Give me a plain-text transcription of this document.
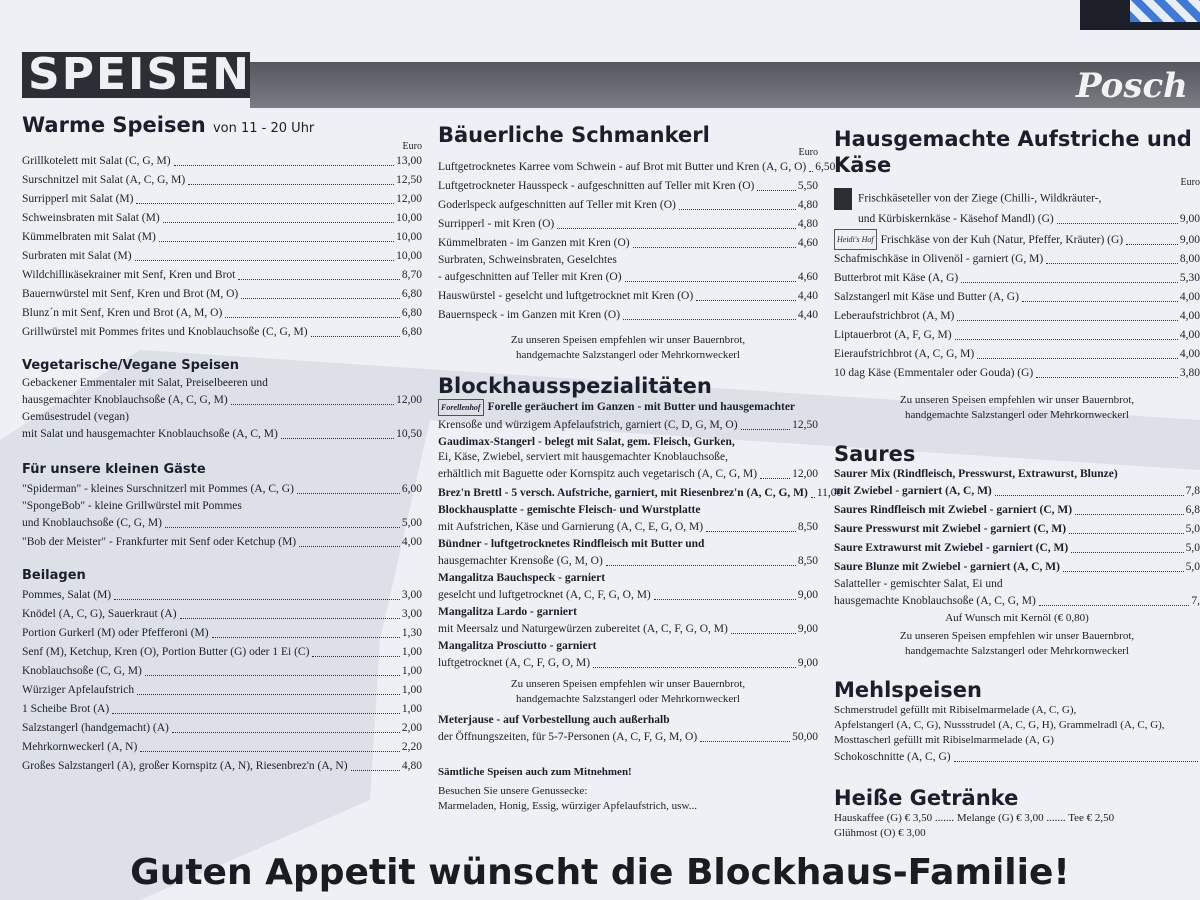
SPEISEN	Posch
Warme Speisen von 11 - 20 Uhr
Euro
Grillkotelett mit Salat (C, G, M)	13,00
Surschnitzel mit Salat (A, C, G, M)	12,50
Surripperl mit Salat (M)	12,00
Schweinsbraten mit Salat (M)	10,00
Kümmelbraten mit Salat (M)	10,00
Surbraten mit Salat (M)	10,00
Wildchilliкäsekrainer mit Senf, Kren und Brot	8,70
Bauernwürstel mit Senf, Kren und Brot (M, O)	6,80
Blunz´n mit Senf, Kren und Brot (A, M, O)	6,80
Grillwürstel mit Pommes frites und Knoblauchsoße (C, G, M)	6,80
Vegetarische/Vegane Speisen
Gebackener Emmentaler mit Salat, Preiselbeeren und
hausgemachter Knoblauchsoße (A, C, G, M)	12,00
Gemüsestrudel (vegan)
mit Salat und hausgemachter Knoblauchsoße (A, C, M)	10,50
Für unsere kleinen Gäste
"Spiderman" - kleines Surschnitzerl mit Pommes (A, C, G)	6,00
"SpongeBob" - kleine Grillwürstel mit Pommes
und Knoblauchsoße (C, G, M)	5,00
"Bob der Meister" - Frankfurter mit Senf oder Ketchup (M)	4,00
Beilagen
Pommes, Salat (M)	3,00
Knödel (A, C, G), Sauerkraut (A)	3,00
Portion Gurkerl (M) oder Pfefferoni (M)	1,30
Senf (M), Ketchup, Kren (O), Portion Butter (G) oder 1 Ei (C)	1,00
Knoblauchsoße (C, G, M)	1,00
Würziger Apfelaufstrich	1,00
1 Scheibe Brot (A)	1,00
Salzstangerl (handgemacht) (A)	2,00
Mehrkornweckerl (A, N)	2,20
Großes Salzstangerl (A), großer Kornspitz (A, N), Riesenbrez'n (A, N)	4,80
Bäuerliche Schmankerl
Euro
Luftgetrocknetes Karree vom Schwein - auf Brot mit Butter und Kren (A, G, O) 6,50
Luftgetrockneter Hausspeck - aufgeschnitten auf Teller mit Kren (O)	5,50
Goderlspeck aufgeschnitten auf Teller mit Kren (O)	4,80
Surripperl - mit Kren (O)	4,80
Kümmelbraten - im Ganzen mit Kren (O)	4,60
Surbraten, Schweinsbraten, Geselchtes
- aufgeschnitten auf Teller mit Kren (O)	4,60
Hauswürstel - geselcht und luftgetrocknet mit Kren (O)	4,40
Bauernspeck - im Ganzen mit Kren (O)	4,40
Zu unseren Speisen empfehlen wir unser Bauernbrot,
handgemachte Salzstangerl oder Mehrkornweckerl
Blockhausspezialitäten
Forellenhof Forelle geräuchert im Ganzen - mit Butter und hausgemachter
Krensoße und würzigem Apfelaufstrich, garniert (C, D, G, M, O)	12,50
Gaudimax-Stangerl - belegt mit Salat, gem. Fleisch, Gurken,
Ei, Käse, Zwiebel, serviert mit hausgemachter Knoblauchsoße,
erhältlich mit Baguette oder Kornspitz auch vegetarisch (A, C, G, M)	12,00
Brez'n Brettl - 5 versch. Aufstriche, garniert, mit Riesenbrez'n (A, C, G, M) 11,00
Blockhausplatte - gemischte Fleisch- und Wurstplatte
mit Aufstrichen, Käse und Garnierung (A, C, E, G, O, M)	8,50
Bündner - luftgetrocknetes Rindfleisch mit Butter und
hausgemachter Krensoße (G, M, O)	8,50
Mangalitza Bauchspeck - garniert
geselcht und luftgetrocknet (A, C, F, G, O, M)	9,00
Mangalitza Lardo - garniert
mit Meersalz und Naturgewürzen zubereitet (A, C, F, G, O, M)	9,00
Mangalitza Prosciutto - garniert
luftgetrocknet (A, C, F, G, O, M)	9,00
Zu unseren Speisen empfehlen wir unser Bauernbrot,
handgemachte Salzstangerl oder Mehrkornweckerl
Meterjause - auf Vorbestellung auch außerhalb
der Öffnungszeiten, für 5-7-Personen (A, C, F, G, M, O)	50,00
Sämtliche Speisen auch zum Mitnehmen!
Besuchen Sie unsere Genussecke:
Marmeladen, Honig, Essig, würziger Apfelaufstrich, usw...
Hausgemachte Aufstriche und Käse
Euro
Frischkäseteller von der Ziege (Chilli-, Wildkräuter-,
und Kürbiskernkäse - Käsehof Mandl) (G)	9,00
Heidi's Hof Frischkäse von der Kuh (Natur, Pfeffer, Kräuter) (G)	9,00
Schafmischkäse in Olivenöl - garniert (G, M)	8,00
Butterbrot mit Käse (A, G)	5,30
Salzstangerl mit Käse und Butter (A, G)	4,00
Leberaufstrichbrot (A, M)	4,00
Liptauerbrot (A, F, G, M)	4,00
Eieraufstrichbrot (A, C, G, M)	4,00
10 dag Käse (Emmentaler oder Gouda) (G)	3,80
Zu unseren Speisen empfehlen wir unser Bauernbrot,
handgemachte Salzstangerl oder Mehrkornweckerl
Saures
Saurer Mix (Rindfleisch, Presswurst, Extrawurst, Blunze)
mit Zwiebel - garniert (A, C, M)	7,8
Saures Rindfleisch mit Zwiebel - garniert (C, M)	6,8
Saure Presswurst mit Zwiebel - garniert (C, M)	5,0
Saure Extrawurst mit Zwiebel - garniert (C, M)	5,0
Saure Blunze mit Zwiebel - garniert (A, C, M)	5,0
Salatteller - gemischter Salat, Ei und
hausgemachte Knoblauchsoße (A, C, G, M)	7,
Auf Wunsch mit Kernöl (€ 0,80)
Zu unseren Speisen empfehlen wir unser Bauernbrot,
handgemachte Salzstangerl oder Mehrkornweckerl
Mehlspeisen
Schmerstrudel gefüllt mit Ribiselmarmelade (A, C, G),
Apfelstangerl (A, C, G), Nussstrudel (A, C, G, H), Grammelradl (A, C, G),
Mosttascherl gefüllt mit Ribiselmarmelade (A, G)
Schokoschnitte (A, C, G)
Heiße Getränke
Hauskaffee (G) € 3,50 ....... Melange (G) € 3,00 ....... Tee € 2,50
Glühmost (O) € 3,00
Guten Appetit wünscht die Blockhaus-Familie!
